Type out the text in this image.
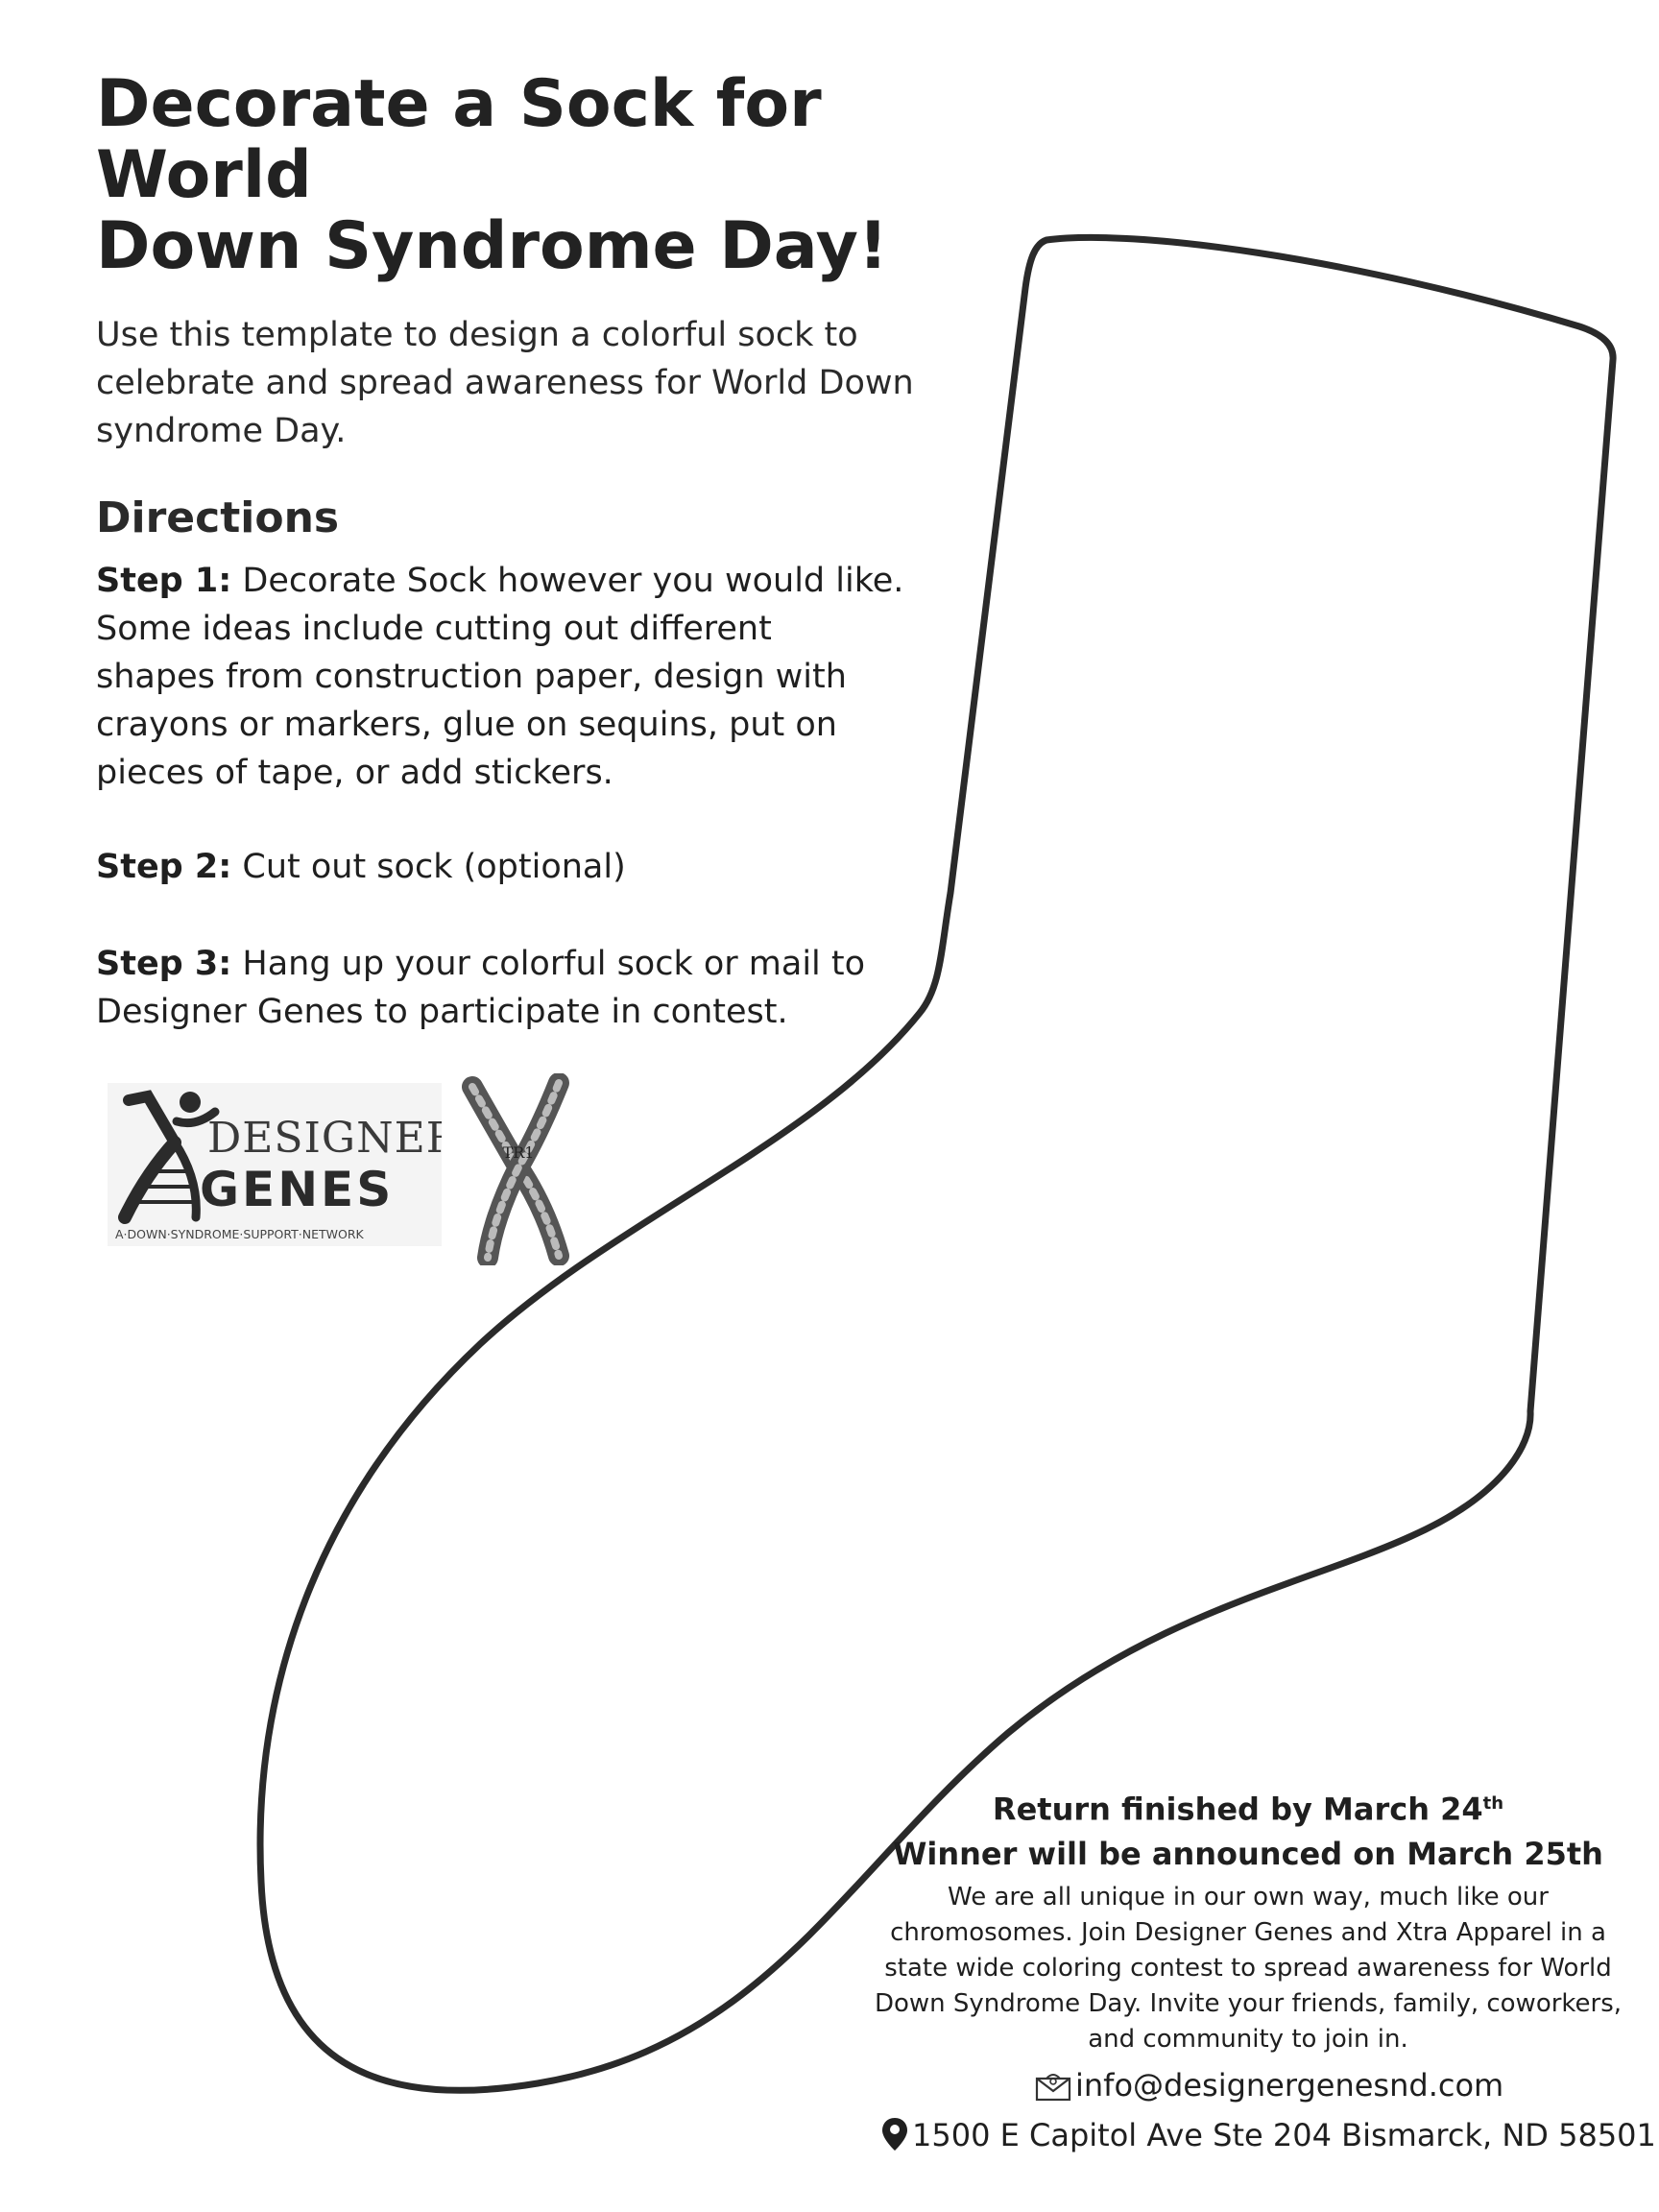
Decorate a Sock for World
Down Syndrome Day!

Use this template to design a colorful sock to
celebrate and spread awareness for World Down
syndrome Day.

Directions

Step 1: Decorate Sock however you would like.
Some ideas include cutting out different
shapes from construction paper, design with
crayons or markers, glue on sequins, put on
pieces of tape, or add stickers.

Step 2: Cut out sock (optional)

Step 3: Hang up your colorful sock or mail to
Designer Genes to participate in contest.

DESIGNER
GENES
A·DOWN·SYNDROME·SUPPORT·NETWORK
TR1
Return finished by March 24th
Winner will be announced on March 25th

We are all unique in our own way, much like our
chromosomes. Join Designer Genes and Xtra Apparel in a
state wide coloring contest to spread awareness for World
Down Syndrome Day. Invite your friends, family, coworkers,
and community to join in.

info@designergenesnd.com
1500 E Capitol Ave Ste 204 Bismarck, ND 58501
